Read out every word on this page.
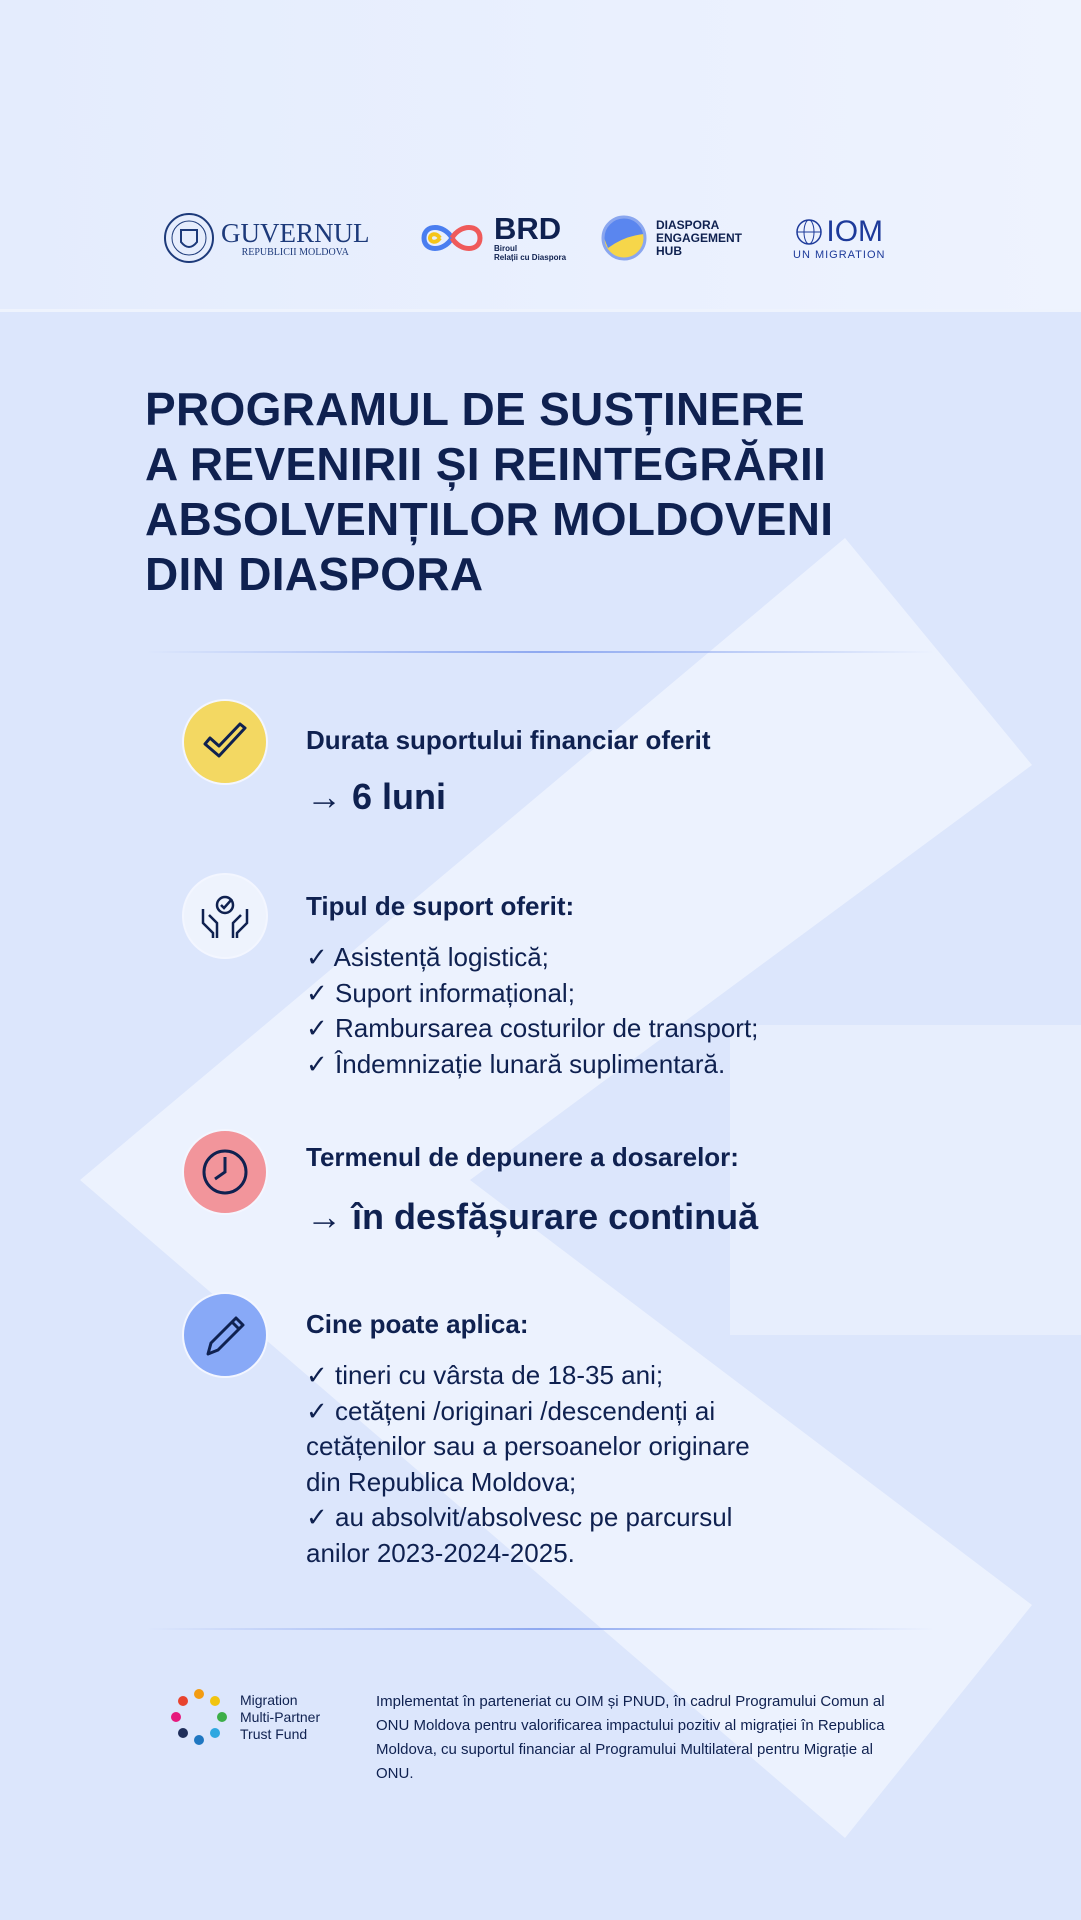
GUVERNUL
REPUBLICII MOLDOVA
BRD
Biroul
Relații cu Diaspora
DIASPORA
ENGAGEMENT
HUB
IOM
UN MIGRATION
PROGRAMUL DE SUSȚINERE
A REVENIRII ȘI REINTEGRĂRII
ABSOLVENȚILOR MOLDOVENI
DIN DIASPORA
Durata suportului financiar oferit
→ 6 luni
Tipul de suport oferit:
✓ Asistență logistică;
✓ Suport informațional;
✓ Rambursarea costurilor de transport;
✓ Îndemnizație lunară suplimentară.
Termenul de depunere a dosarelor:
→ în desfășurare continuă
Cine poate aplica:
✓ tineri cu vârsta de 18-35 ani;
✓ cetățeni /originari /descendenți ai
cetățenilor sau a persoanelor originare
din Republica Moldova;
✓ au absolvit/absolvesc pe parcursul
anilor 2023-2024-2025.
Migration
Multi-Partner
Trust Fund
Implementat în parteneriat cu OIM și PNUD, în cadrul Programului Comun al ONU Moldova pentru valorificarea impactului pozitiv al migrației în Republica Moldova, cu suportul financiar al Programului Multilateral pentru Migrație al ONU.
